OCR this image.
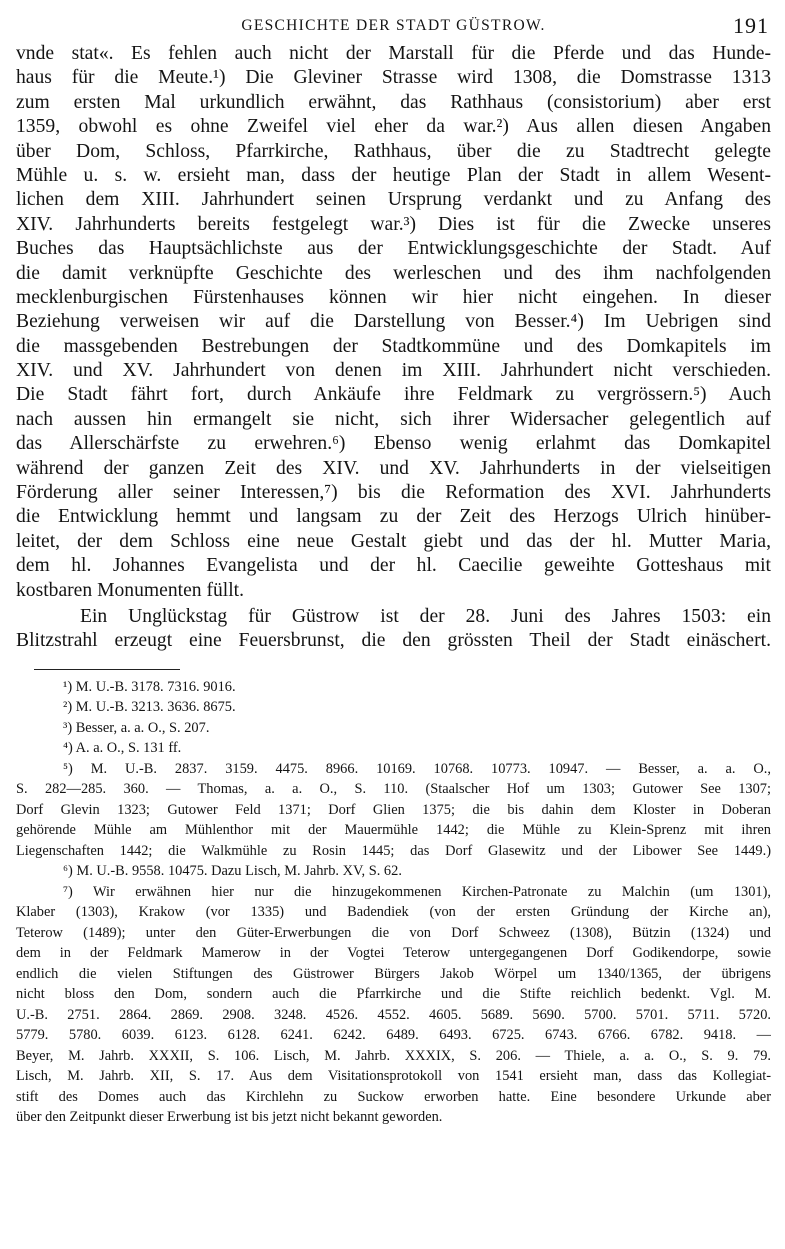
GESCHICHTE DER STADT GÜSTROW.	191
vnde stat«. Es fehlen auch nicht der Marstall für die Pferde und das Hunde-
haus für die Meute.¹) Die Gleviner Strasse wird 1308, die Domstrasse 1313
zum ersten Mal urkundlich erwähnt, das Rathhaus (consistorium) aber erst
1359, obwohl es ohne Zweifel viel eher da war.²) Aus allen diesen Angaben
über Dom, Schloss, Pfarrkirche, Rathhaus, über die zu Stadtrecht gelegte
Mühle u. s. w. ersieht man, dass der heutige Plan der Stadt in allem Wesent-
lichen dem XIII. Jahrhundert seinen Ursprung verdankt und zu Anfang des
XIV. Jahrhunderts bereits festgelegt war.³) Dies ist für die Zwecke unseres
Buches das Hauptsächlichste aus der Entwicklungsgeschichte der Stadt. Auf
die damit verknüpfte Geschichte des werleschen und des ihm nachfolgenden
mecklenburgischen Fürstenhauses können wir hier nicht eingehen. In dieser
Beziehung verweisen wir auf die Darstellung von Besser.⁴) Im Uebrigen sind
die massgebenden Bestrebungen der Stadtkommüne und des Domkapitels im
XIV. und XV. Jahrhundert von denen im XIII. Jahrhundert nicht verschieden.
Die Stadt fährt fort, durch Ankäufe ihre Feldmark zu vergrössern.⁵) Auch
nach aussen hin ermangelt sie nicht, sich ihrer Widersacher gelegentlich auf
das Allerschärfste zu erwehren.⁶) Ebenso wenig erlahmt das Domkapitel
während der ganzen Zeit des XIV. und XV. Jahrhunderts in der vielseitigen
Förderung aller seiner Interessen,⁷) bis die Reformation des XVI. Jahrhunderts
die Entwicklung hemmt und langsam zu der Zeit des Herzogs Ulrich hinüber-
leitet, der dem Schloss eine neue Gestalt giebt und das der hl. Mutter Maria,
dem hl. Johannes Evangelista und der hl. Caecilie geweihte Gotteshaus mit
kostbaren Monumenten füllt.
Ein Unglückstag für Güstrow ist der 28. Juni des Jahres 1503: ein
Blitzstrahl erzeugt eine Feuersbrunst, die den grössten Theil der Stadt einäschert.
¹) M. U.-B. 3178. 7316. 9016.
²) M. U.-B. 3213. 3636. 8675.
³) Besser, a. a. O., S. 207.
⁴) A. a. O., S. 131 ff.
⁵) M. U.-B. 2837. 3159. 4475. 8966. 10169. 10768. 10773. 10947. — Besser, a. a. O.,
S. 282—285. 360. — Thomas, a. a. O., S. 110. (Staalscher Hof um 1303; Gutower See 1307;
Dorf Glevin 1323; Gutower Feld 1371; Dorf Glien 1375; die bis dahin dem Kloster in Doberan
gehörende Mühle am Mühlenthor mit der Mauermühle 1442; die Mühle zu Klein-Sprenz mit ihren
Liegenschaften 1442; die Walkmühle zu Rosin 1445; das Dorf Glasewitz und der Libower See 1449.)
⁶) M. U.-B. 9558. 10475. Dazu Lisch, M. Jahrb. XV, S. 62.
⁷) Wir erwähnen hier nur die hinzugekommenen Kirchen-Patronate zu Malchin (um 1301),
Klaber (1303), Krakow (vor 1335) und Badendiek (von der ersten Gründung der Kirche an),
Teterow (1489); unter den Güter-Erwerbungen die von Dorf Schweez (1308), Bützin (1324) und
dem in der Feldmark Mamerow in der Vogtei Teterow untergegangenen Dorf Godikendorpe, sowie
endlich die vielen Stiftungen des Güstrower Bürgers Jakob Wörpel um 1340/1365, der übrigens
nicht bloss den Dom, sondern auch die Pfarrkirche und die Stifte reichlich bedenkt. Vgl. M.
U.-B. 2751. 2864. 2869. 2908. 3248. 4526. 4552. 4605. 5689. 5690. 5700. 5701. 5711. 5720.
5779. 5780. 6039. 6123. 6128. 6241. 6242. 6489. 6493. 6725. 6743. 6766. 6782. 9418. —
Beyer, M. Jahrb. XXXII, S. 106. Lisch, M. Jahrb. XXXIX, S. 206. — Thiele, a. a. O., S. 9. 79.
Lisch, M. Jahrb. XII, S. 17. Aus dem Visitationsprotokoll von 1541 ersieht man, dass das Kollegiat-
stift des Domes auch das Kirchlehn zu Suckow erworben hatte. Eine besondere Urkunde aber
über den Zeitpunkt dieser Erwerbung ist bis jetzt nicht bekannt geworden.
